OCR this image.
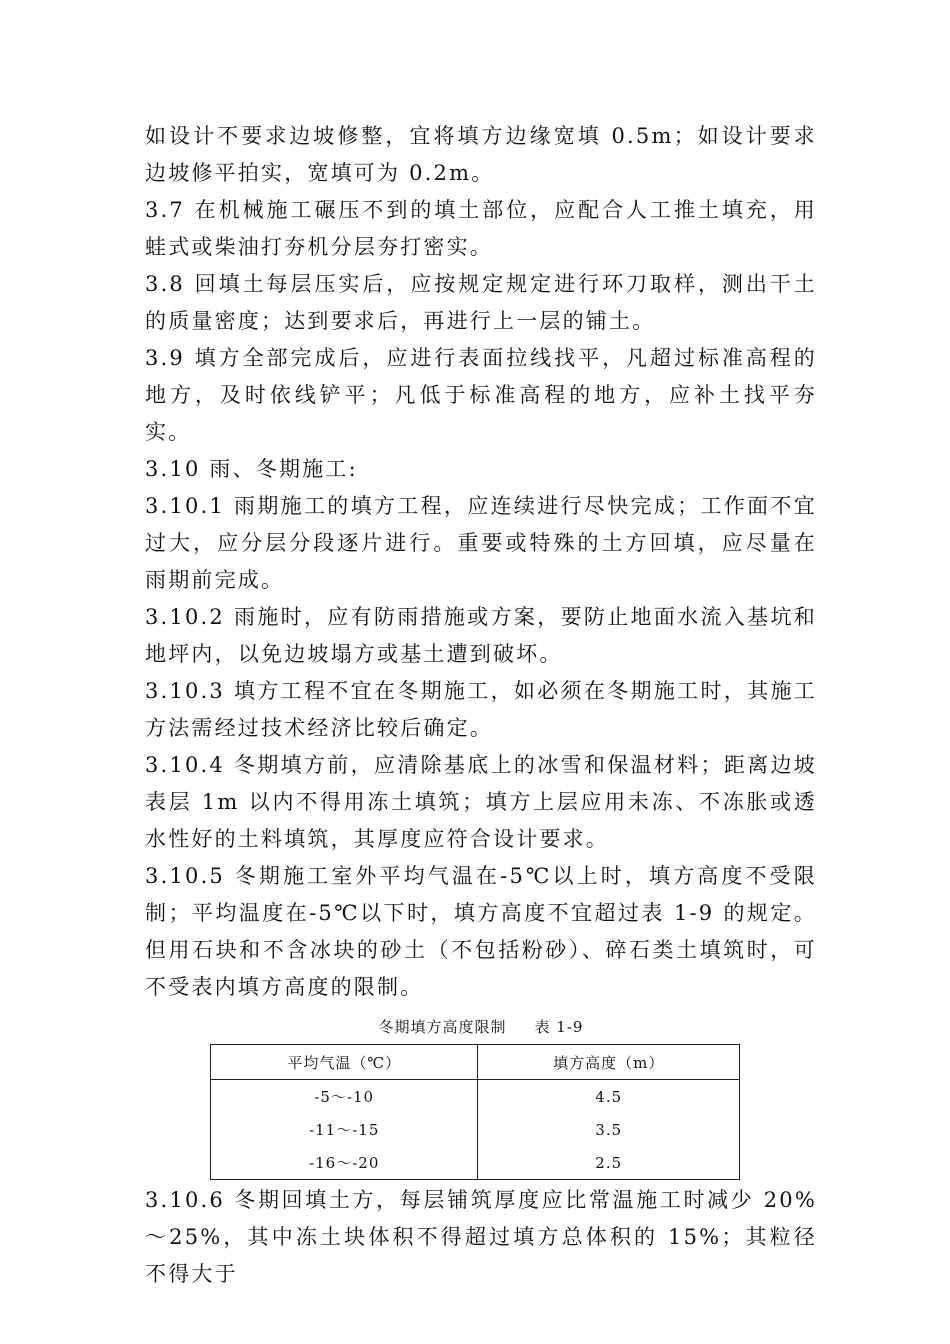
如设计不要求边坡修整，宜将填方边缘宽填 0.5m；如设计要求边坡修平拍实，宽填可为 0.2m。

3.7 在机械施工碾压不到的填土部位，应配合人工推土填充，用蛙式或柴油打夯机分层夯打密实。

3.8 回填土每层压实后，应按规定规定进行环刀取样，测出干土的质量密度；达到要求后，再进行上一层的铺土。

3.9 填方全部完成后，应进行表面拉线找平，凡超过标准高程的地方，及时依线铲平；凡低于标准高程的地方，应补土找平夯实。

3.10 雨、冬期施工:

3.10.1 雨期施工的填方工程，应连续进行尽快完成；工作面不宜过大，应分层分段逐片进行。重要或特殊的土方回填，应尽量在雨期前完成。

3.10.2 雨施时，应有防雨措施或方案，要防止地面水流入基坑和地坪内，以免边坡塌方或基土遭到破坏。

3.10.3 填方工程不宜在冬期施工，如必须在冬期施工时，其施工方法需经过技术经济比较后确定。

3.10.4 冬期填方前，应清除基底上的冰雪和保温材料；距离边坡表层 1m 以内不得用冻土填筑；填方上层应用未冻、不冻胀或透水性好的土料填筑，其厚度应符合设计要求。

3.10.5 冬期施工室外平均气温在-5℃以上时，填方高度不受限制；平均温度在-5℃以下时，填方高度不宜超过表 1-9 的规定。但用石块和不含冰块的砂土（不包括粉砂）、碎石类土填筑时，可不受表内填方高度的限制。

冬期填方高度限制 表 1-9
平均气温（℃）	填方高度（m）
-5～-10	4.5
-11～-15	3.5
-16～-20	2.5

3.10.6 冬期回填土方，每层铺筑厚度应比常温施工时减少 20%～25%，其中冻土块体积不得超过填方总体积的 15%；其粒径不得大于
